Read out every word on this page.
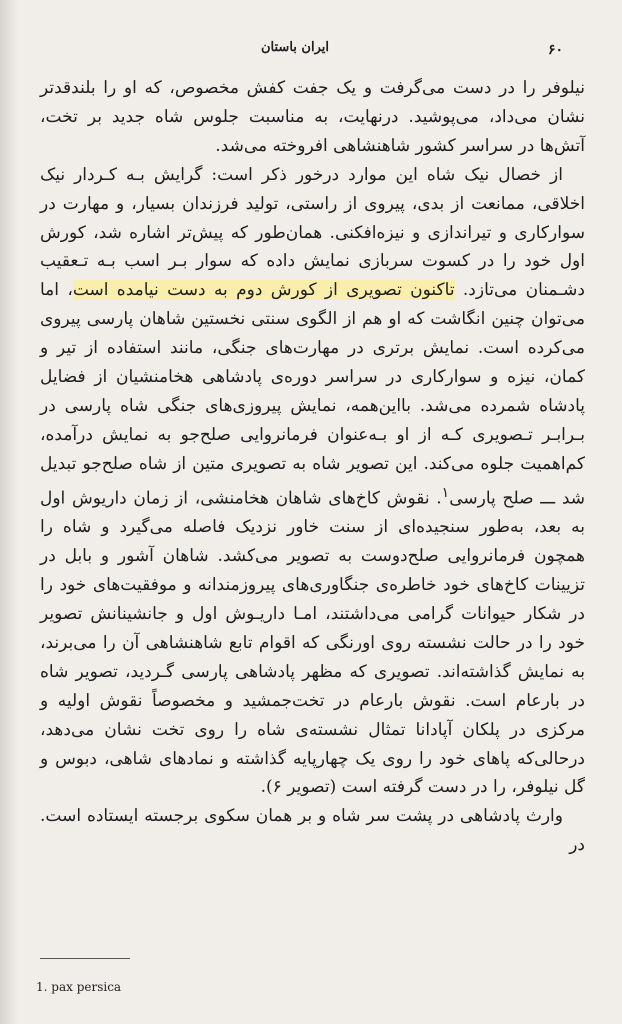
ایران باستان	۶۰

نیلوفر را در دست می‌گرفت و یک جفت کفش مخصوص، که او را بلندقدتر نشان می‌داد، می‌پوشید. درنهایت، به مناسبت جلوس شاه جدید بر تخت، آتش‌ها در سراسر کشور شاهنشاهی افروخته می‌شد.

از خصال نیک شاه این موارد درخور ذکر است: گرایش بـه کـردار نیک اخلاقی، ممانعت از بدی، پیروی از راستی، تولید فرزندان بسیار، و مهارت در سوارکاری و تیراندازی و نیزه‌افکنی. همان‌طور که پیش‌تر اشاره شد، کورش اول خود را در کسوت سربازی نمایش داده که سوار بـر اسب بـه تـعقیب دشـمنان می‌تازد. تاکنون تصویری از کورش دوم به دست نیامده است، اما می‌توان چنین انگاشت که او هم از الگوی سنتی نخستین شاهان پارسی پیروی می‌کرده است. نمایش برتری در مهارت‌های جنگی، مانند استفاده از تیر و کمان، نیزه و سوارکاری در سراسر دوره‌ی پادشاهی هخامنشیان از فضایل پادشاه شمرده می‌شد. بااین‌همه، نمایش پیروزی‌های جنگی شاه پارسی در بـرابـر تـصویری کـه از او بـه‌عنوان فرمانروایی صلح‌جو به نمایش درآمده، کم‌اهمیت جلوه می‌کند. این تصویر شاه به تصویری متین از شاه صلح‌جو تبدیل شد ـــ صلح پارسی$^۱$. نقوش کاخ‌های شاهان هخامنشی، از زمان داریوش اول به بعد، به‌طور سنجیده‌ای از سنت خاور نزدیک فاصله می‌گیرد و شاه را همچون فرمانروایی صلح‌دوست به تصویر می‌کشد. شاهان آشور و بابل در تزیینات کاخ‌های خود خاطره‌ی جنگاوری‌های پیروزمندانه و موفقیت‌های خود را در شکار حیوانات گرامی می‌داشتند، امـا داریـوش اول و جانشینانش تصویر خود را در حالت نشسته روی اورنگی که اقوام تابع شاهنشاهی آن را می‌برند، به نمایش گذاشته‌اند. تصویری که مظهر پادشاهی پارسی گـردید، تصویر شاه در بارعام است. نقوش بارعام در تخت‌جمشید و مخصوصاً نقوش اولیه و مرکزی در پلکان آپادانا تمثال نشسته‌ی شاه را روی تخت نشان می‌دهد، درحالی‌که پاهای خود را روی یک چهارپایه گذاشته و نمادهای شاهی، دبوس و گل نیلوفر، را در دست گرفته است (تصویر ۶).

وارث پادشاهی در پشت سر شاه و بر همان سکوی برجسته ایستاده است. در

1. pax persica
